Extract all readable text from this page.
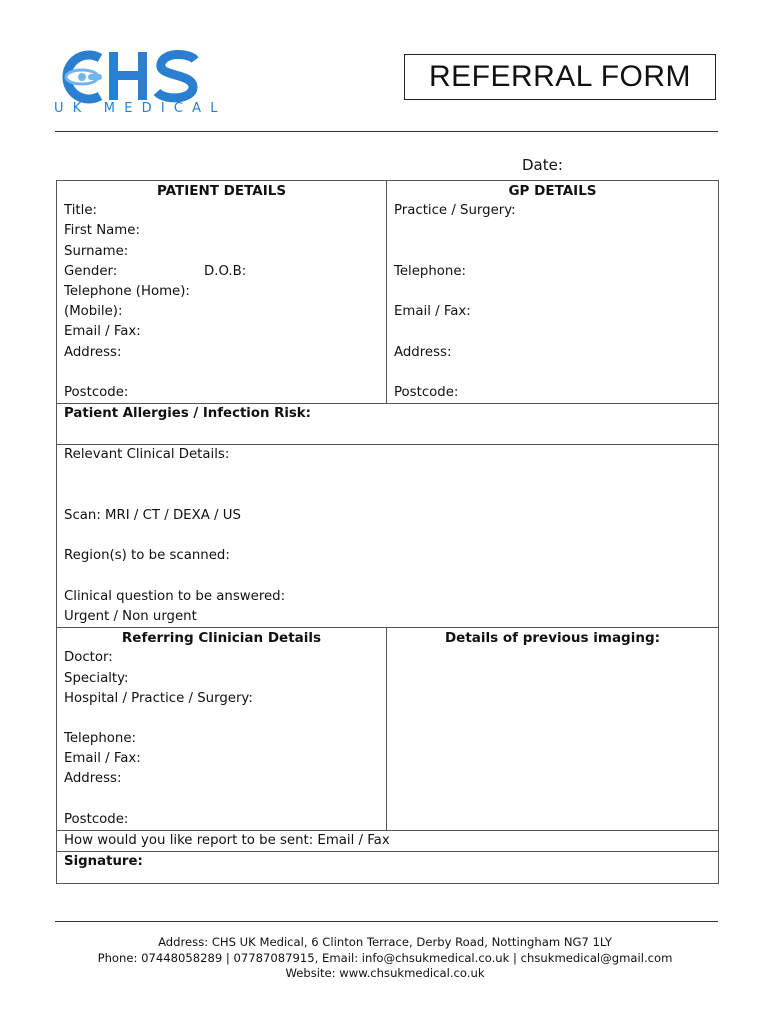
UK MEDICAL
REFERRAL FORM
Date:
PATIENT DETAILS
Title:
First Name:
Surname:
Gender:	D.O.B:
Telephone (Home):
(Mobile):
Email / Fax:
Address:
Postcode:
GP DETAILS
Practice / Surgery:
Telephone:
Email / Fax:
Address:
Postcode:
Patient Allergies / Infection Risk:
Relevant Clinical Details:
Scan: MRI / CT / DEXA / US
Region(s) to be scanned:
Clinical question to be answered:
Urgent / Non urgent
Referring Clinician Details
Doctor:
Specialty:
Hospital / Practice / Surgery:
Telephone:
Email / Fax:
Address:
Postcode:
Details of previous imaging:
How would you like report to be sent: Email / Fax
Signature:
Address: CHS UK Medical, 6 Clinton Terrace, Derby Road, Nottingham NG7 1LY
Phone: 07448058289 | 07787087915, Email: info@chsukmedical.co.uk | chsukmedical@gmail.com
Website: www.chsukmedical.co.uk
